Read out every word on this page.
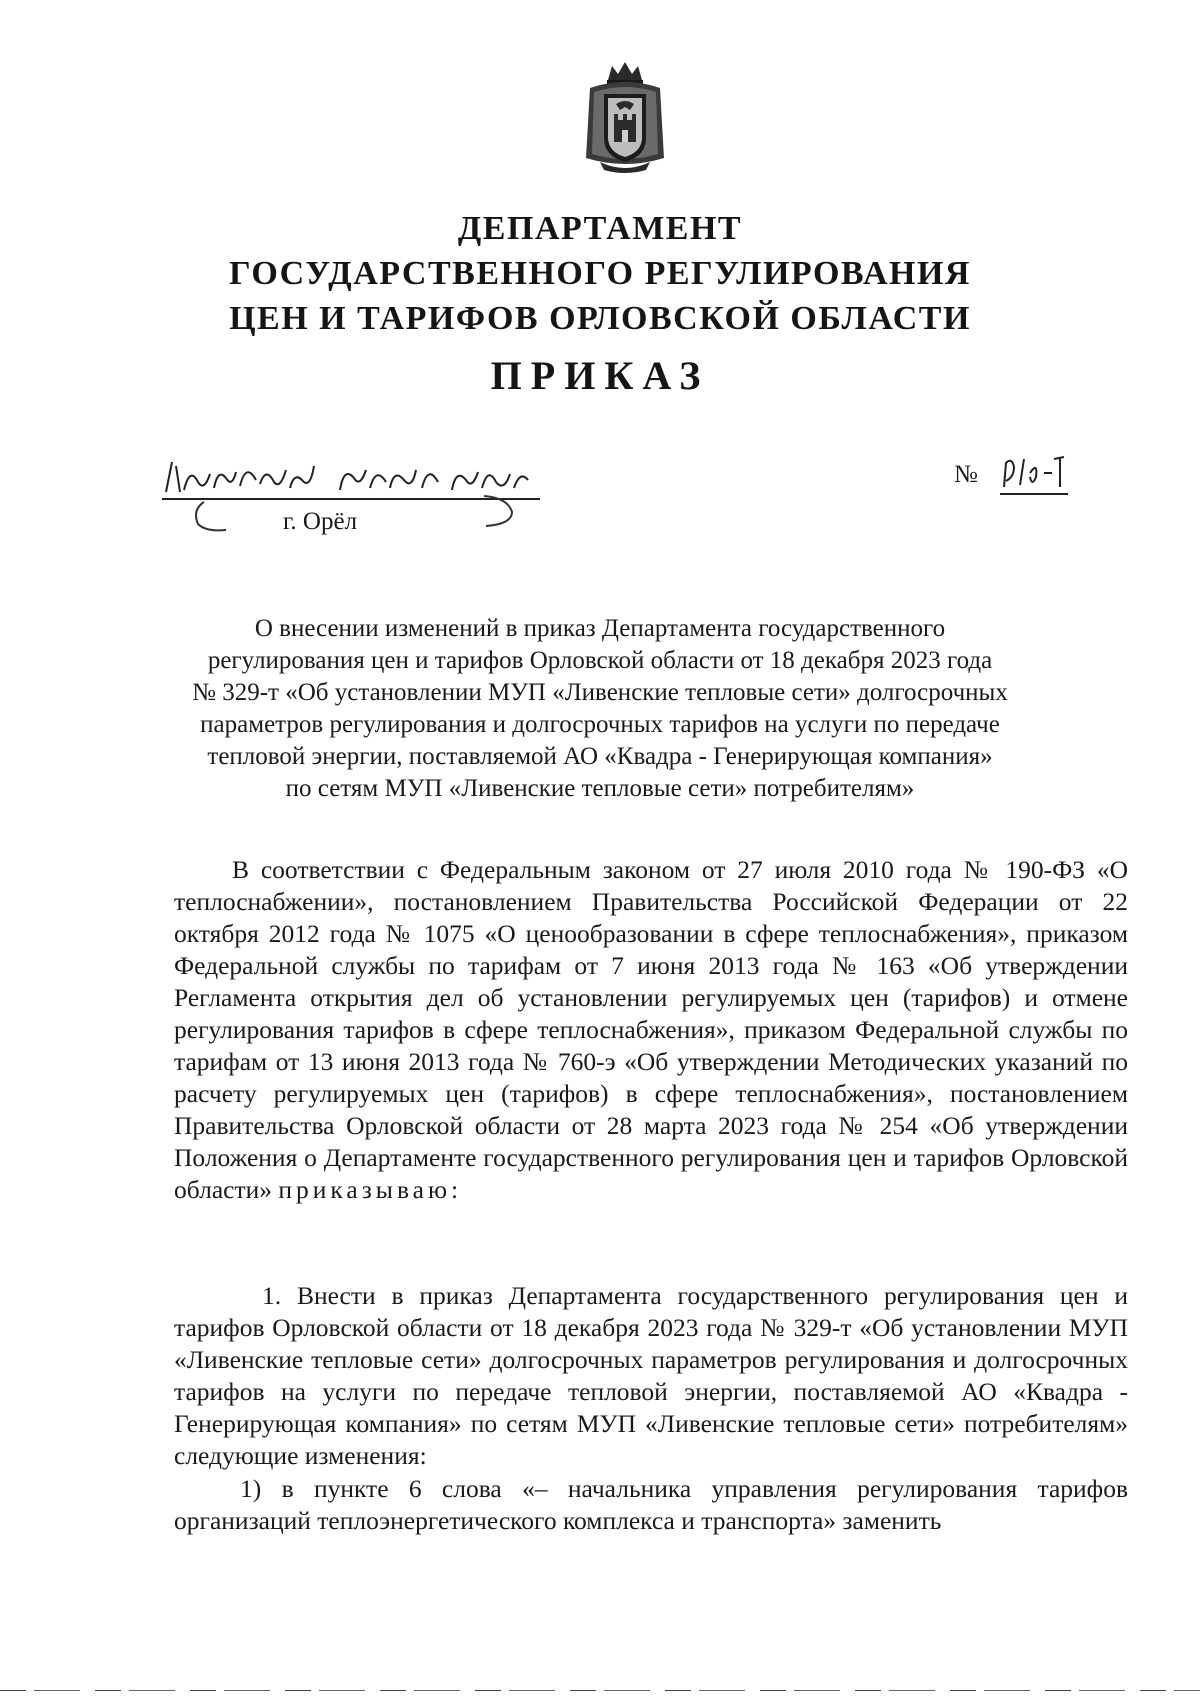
ДЕПАРТАМЕНТ
ГОСУДАРСТВЕННОГО РЕГУЛИРОВАНИЯ
ЦЕН И ТАРИФОВ ОРЛОВСКОЙ ОБЛАСТИ
ПРИКАЗ
г. Орёл
№
О внесении изменений в приказ Департамента государственного
регулирования цен и тарифов Орловской области от 18 декабря 2023 года
№ 329-т «Об установлении МУП «Ливенские тепловые сети» долгосрочных
параметров регулирования и долгосрочных тарифов на услуги по передаче
тепловой энергии, поставляемой АО «Квадра - Генерирующая компания»
по сетям МУП «Ливенские тепловые сети» потребителям»

В соответствии с Федеральным законом от 27 июля 2010 года № 190-ФЗ «О теплоснабжении», постановлением Правительства Российской Федерации от 22 октября 2012 года № 1075 «О ценообразовании в сфере теплоснабжения», приказом Федеральной службы по тарифам от 7 июня 2013 года № 163 «Об утверждении Регламента открытия дел об установлении регулируемых цен (тарифов) и отмене регулирования тарифов в сфере теплоснабжения», приказом Федеральной службы по тарифам от 13 июня 2013 года № 760-э «Об утверждении Методических указаний по расчету регулируемых цен (тарифов) в сфере теплоснабжения», постановлением Правительства Орловской области от 28 марта 2023 года № 254 «Об утверждении Положения о Департаменте государственного регулирования цен и тарифов Орловской области» приказываю:

1. Внести в приказ Департамента государственного регулирования цен и тарифов Орловской области от 18 декабря 2023 года № 329-т «Об установлении МУП «Ливенские тепловые сети» долгосрочных параметров регулирования и долгосрочных тарифов на услуги по передаче тепловой энергии, поставляемой АО «Квадра - Генерирующая компания» по сетям МУП «Ливенские тепловые сети» потребителям» следующие изменения:

1) в пункте 6 слова «– начальника управления регулирования тарифов организаций теплоэнергетического комплекса и транспорта» заменить
